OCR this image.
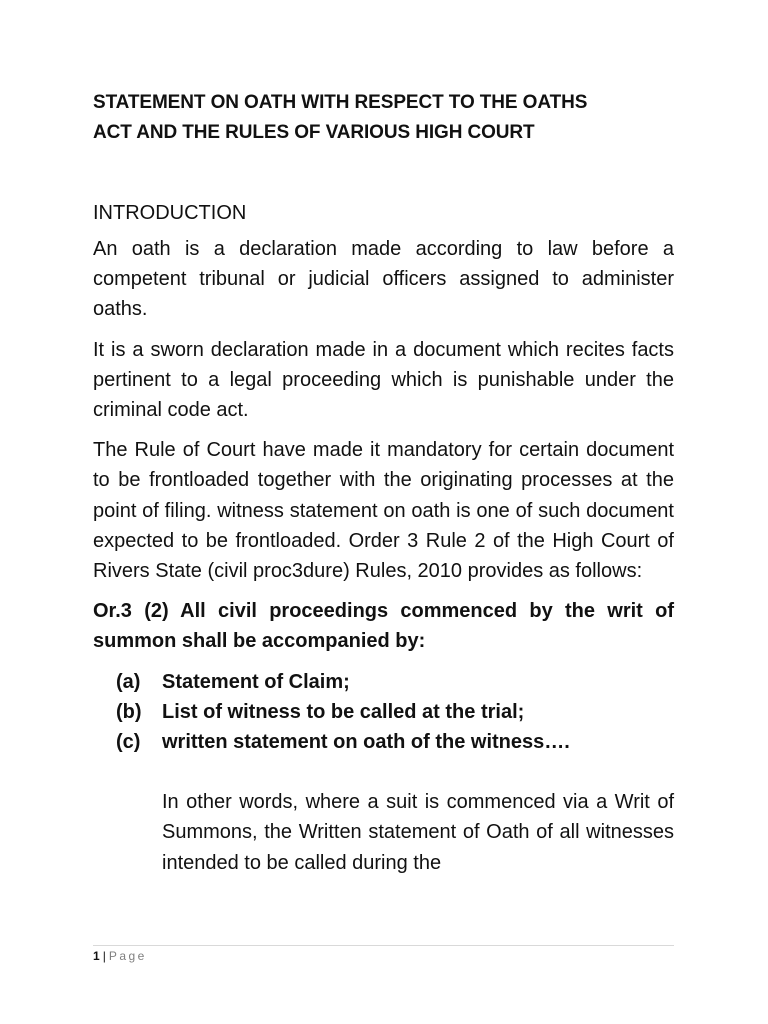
STATEMENT ON OATH WITH RESPECT TO THE OATHS
ACT AND THE RULES OF VARIOUS HIGH COURT
INTRODUCTION

An oath is a declaration made according to law before a competent tribunal or judicial officers assigned to administer oaths.

It is a sworn declaration made in a document which recites facts pertinent to a legal proceeding which is punishable under the criminal code act.

The Rule of Court have made it mandatory for certain document to be frontloaded together with the originating processes at the point of filing. witness statement on oath is one of such document expected to be frontloaded. Order 3 Rule 2 of the High Court of Rivers State (civil proc3dure) Rules, 2010 provides as follows:

Or.3 (2) All civil proceedings commenced by the writ of summon shall be accompanied by:

(a)	Statement of Claim;
(b)	List of witness to be called at the trial;
(c)	written statement on oath of the witness….

In other words, where a suit is commenced via a Writ of Summons, the Written statement of Oath of all witnesses intended to be called during the

1 | Page
